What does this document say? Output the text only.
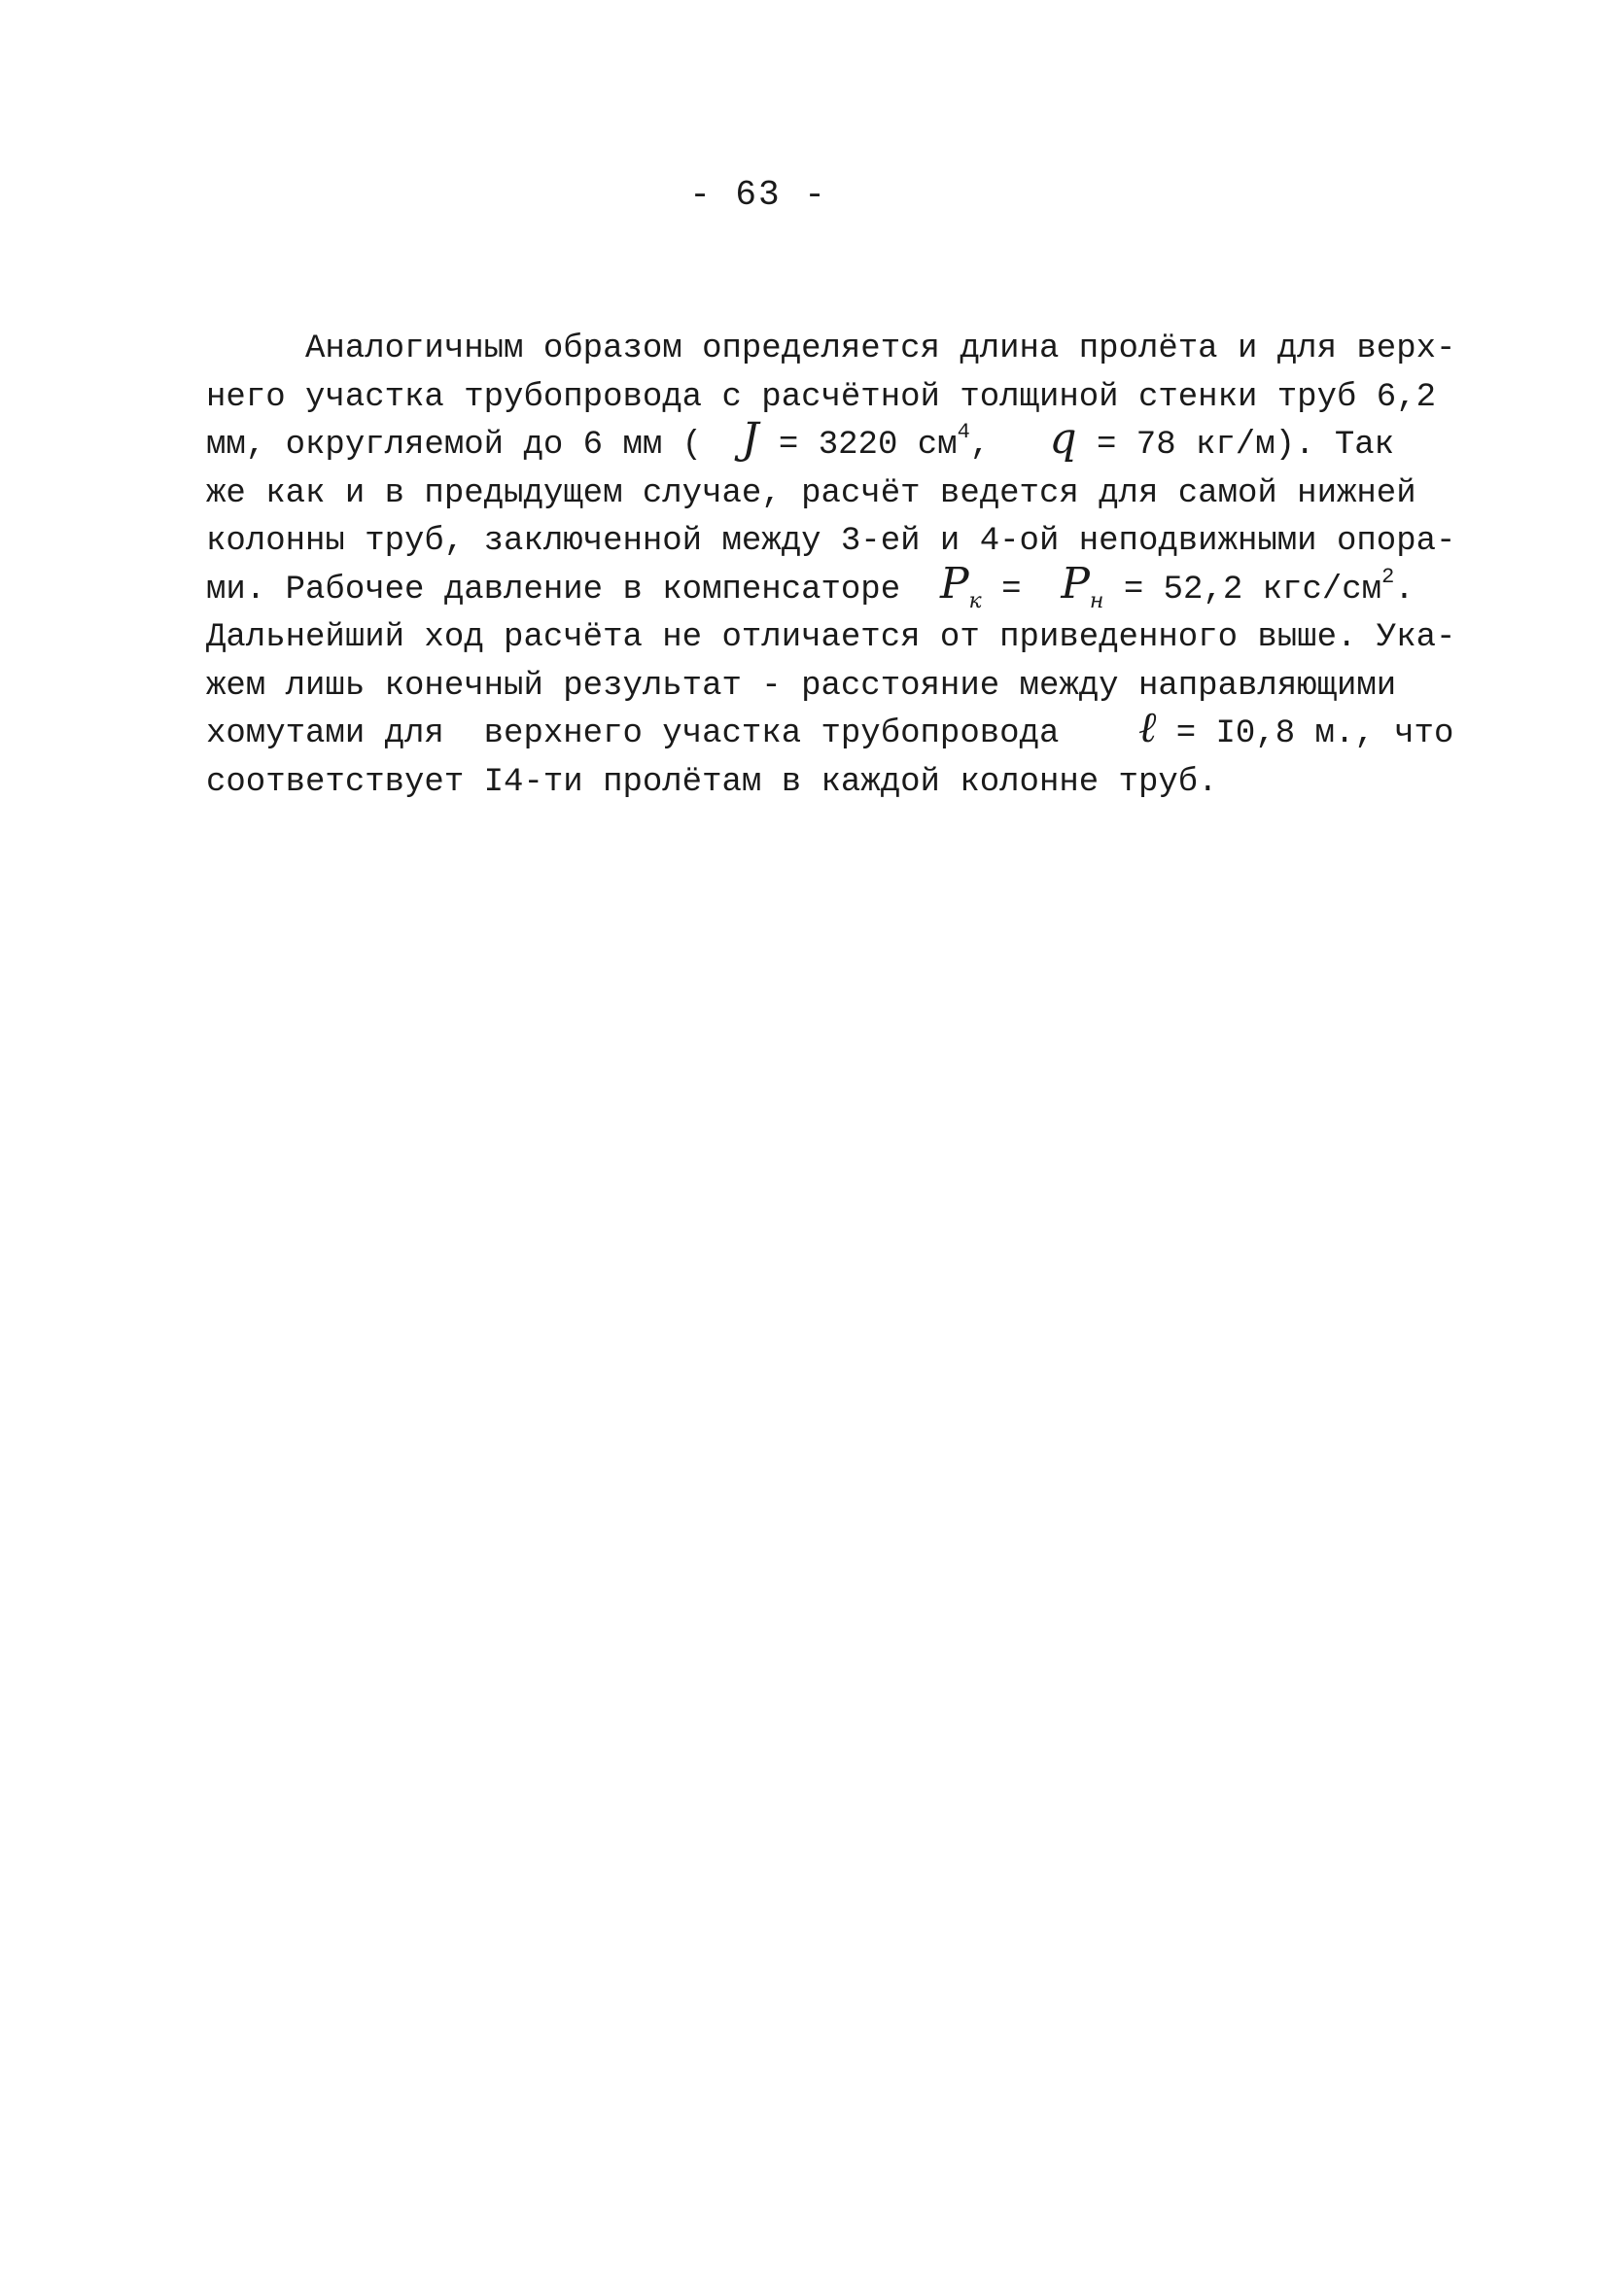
- 63 -
Аналогичным образом определяется длина пролёта и для верх-
него участка трубопровода с расчётной толщиной стенки труб 6,2
мм, округляемой до 6 мм (  J = 3220 $см^4$,   q = 78 кг/м). Так
же как и в предыдущем случае, расчёт ведется для самой нижней
колонны труб, заключенной между 3-ей и 4-ой неподвижными опора-
ми. Рабочее давление в компенсаторе  $P_к = P_н = 52,2$ кгс/$см^2$.
Дальнейший ход расчёта не отличается от приведенного выше. Ука-
жем лишь конечный результат - расстояние между направляющими
хомутами для  верхнего участка трубопровода    ℓ = I0,8 м., что
соответствует I4-ти пролётам в каждой колонне труб.
